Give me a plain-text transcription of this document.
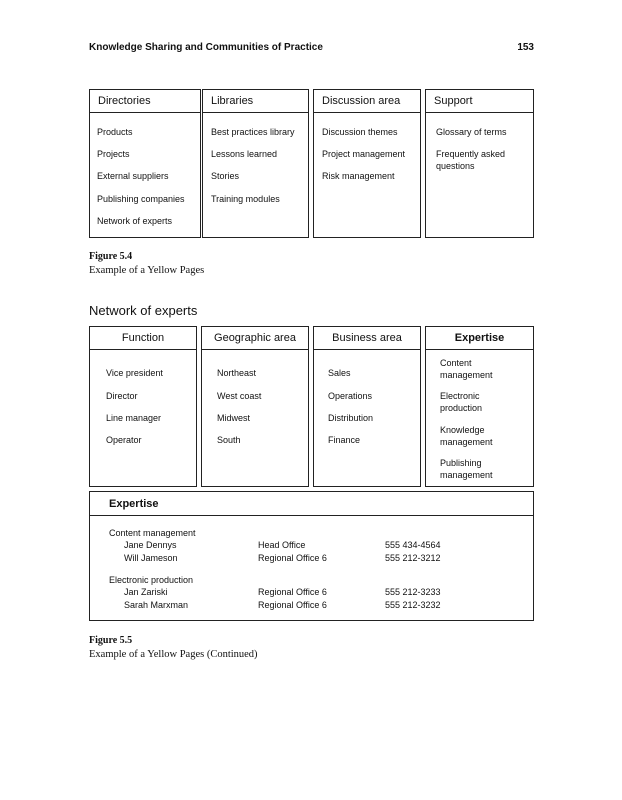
Knowledge Sharing and Communities of Practice	153
Directories
Products
Projects
External suppliers
Publishing companies
Network of experts
Libraries
Best practices library
Lessons learned
Stories
Training modules
Discussion area
Discussion themes
Project management
Risk management
Support
Glossary of terms
Frequently asked questions
Figure 5.4
Example of a Yellow Pages
Network of experts
Function
Vice president
Director
Line manager
Operator
Geographic area
Northeast
West coast
Midwest
South
Business area
Sales
Operations
Distribution
Finance
Expertise
Content management
Electronic production
Knowledge management
Publishing management
Expertise
Content management
Jane Dennys	Head Office	555 434-4564
Will Jameson	Regional Office 6	555 212-3212
Electronic production
Jan Zariski	Regional Office 6	555 212-3233
Sarah Marxman	Regional Office 6	555 212-3232
Figure 5.5
Example of a Yellow Pages (Continued)
